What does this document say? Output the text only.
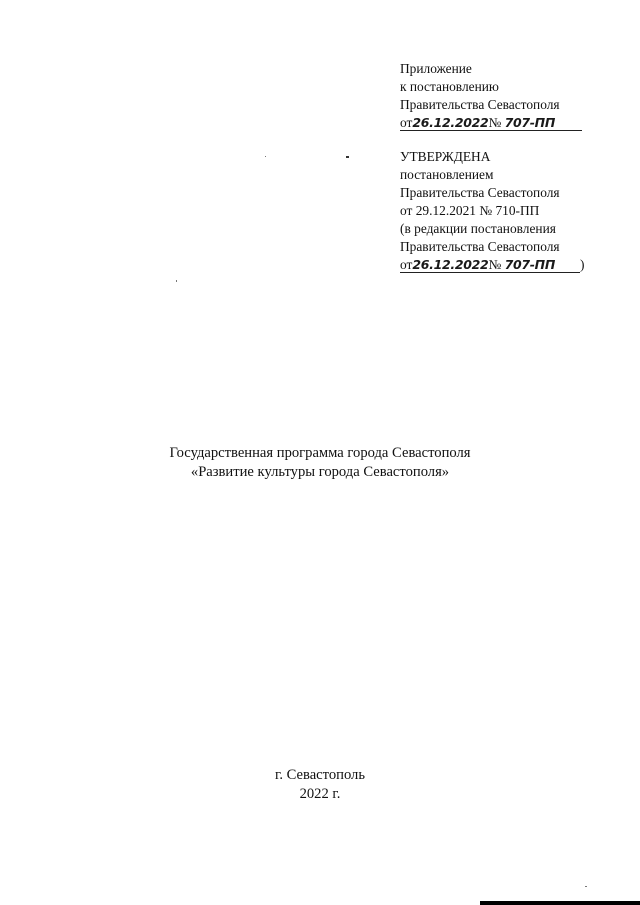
Приложение
к постановлению
Правительства Севастополя
от26.12.2022№ 707-ПП
УТВЕРЖДЕНА
постановлением
Правительства Севастополя
от 29.12.2021 № 710-ПП
(в редакции постановления
Правительства Севастополя
от26.12.2022№ 707-ПП )
Государственная программа города Севастополя
«Развитие культуры города Севастополя»
г. Севастополь
2022 г.
